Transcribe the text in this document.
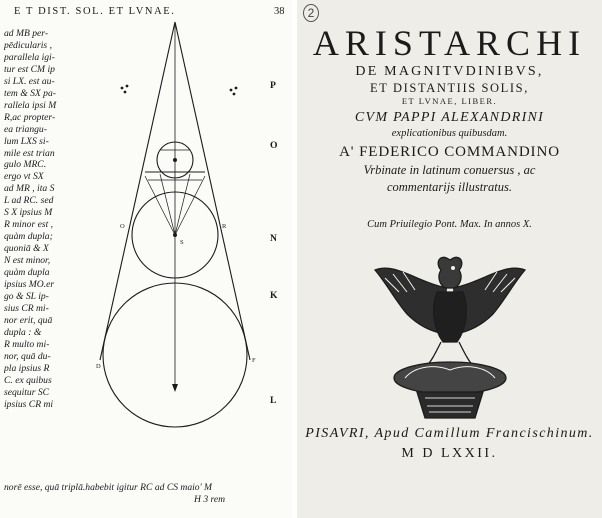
E T DIST. SOL. ET LVNAE.	38
ad MB per-
pēdicularis ,
parallela igi-
tur est CM ip
si LX. est au-
tem & SX pa-
rallela ipsi M
R,ac propter-
ea triangu-
lum LXS si-
mile est trian
gulo MRC.
ergo vt SX
ad MR , ita S
L ad RC. sed
S X ipsius M
R minor est ,
quàm dupla;
quoniā & X
N est minor,
quàm dupla
ipsius MO.er
go & SL ip-
sius CR mi-
nor erit, quā
dupla : &
R multo mi-
nor, quā du-
pla ipsius R
C. ex quibus
sequitur SC
ipsius CR mi
norē esse, quā triplā.habebit igitur RC ad CS maio' M
H 3 rem
P
O
N
K
L
O
S
R
D
F
2
ARISTARCHI
DE MAGNITVDINIBVS,
ET DISTANTIIS SOLIS,
ET LVNAE, LIBER.
CVM PAPPI ALEXANDRINI
explicationibus quibusdam.
A' FEDERICO COMMANDINO
Vrbinate in latinum conuersus , ac
commentarijs illustratus.
Cum Priuilegio Pont. Max. In annos X.
PISAVRI, Apud Camillum Francischinum.
M D LXXII.
